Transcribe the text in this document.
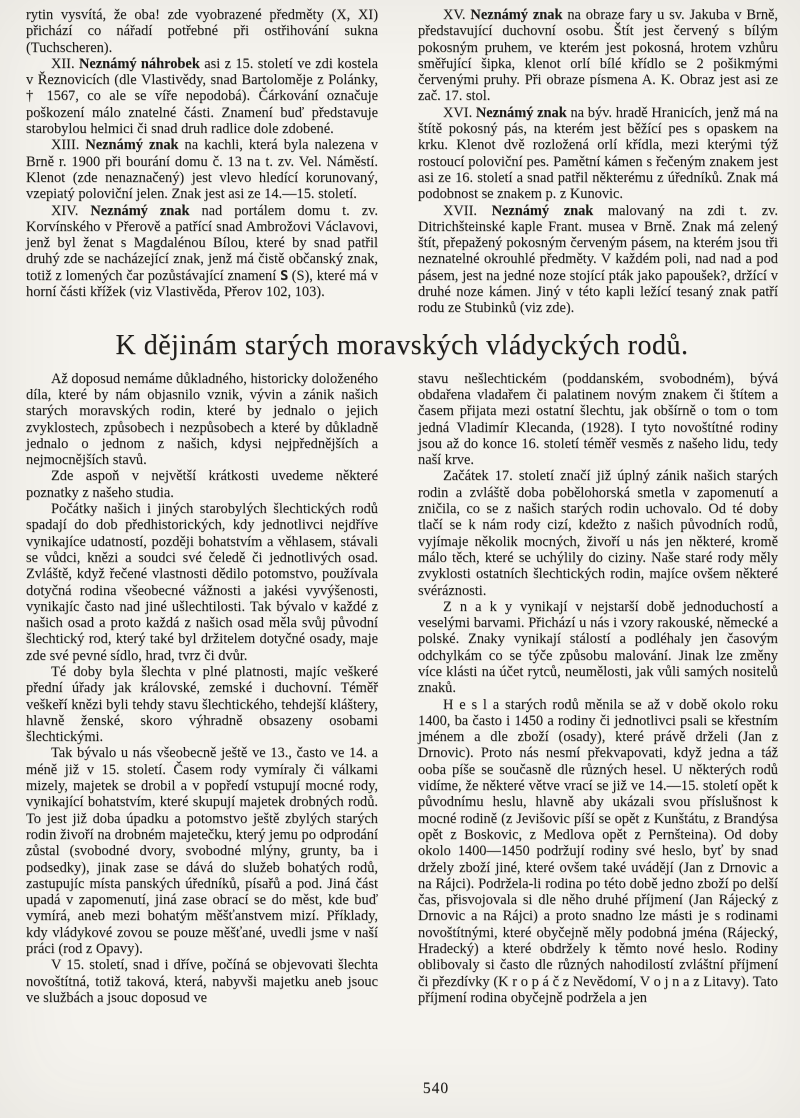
rytin vysvítá, že oba! zde vyobrazené předměty (X, XI) přichází co nářadí potřebné při ostřihování sukna (Tuchscheren).

XII. Neznámý náhrobek asi z 15. století ve zdi kostela v Řeznovicích (dle Vlastivědy, snad Bartoloměje z Polánky, † 1567, co ale se víře nepodobá). Čárkování označuje poškození málo znatelné části. Znamení buď představuje starobylou helmici či snad druh radlice dole zdobené.

XIII. Neznámý znak na kachli, která byla nalezena v Brně r. 1900 při bourání domu č. 13 na t. zv. Vel. Náměstí. Klenot (zde nenaznačený) jest vlevo hledící korunovaný, vzepiatý poloviční jelen. Znak jest asi ze 14.—15. století.

XIV. Neznámý znak nad portálem domu t. zv. Korvínského v Přerově a patřící snad Ambrožovi Václavovi, jenž byl ženat s Magdalénou Bílou, které by snad patřil druhý zde se nacházející znak, jenž má čistě občanský znak, totiž z lomených čar pozůstávající znamení S (S), které má v horní části křížek (viz Vlastivěda, Přerov 102, 103).

XV. Neznámý znak na obraze fary u sv. Jakuba v Brně, představující duchovní osobu. Štít jest červený s bílým pokosným pruhem, ve kterém jest pokosná, hrotem vzhůru směřující šipka, klenot orlí bílé křídlo se 2 pošikmými červenými pruhy. Při obraze písmena A. K. Obraz jest asi ze zač. 17. stol.

XVI. Neznámý znak na býv. hradě Hranicích, jenž má na štítě pokosný pás, na kterém jest běžící pes s opaskem na krku. Klenot dvě rozložená orlí křídla, mezi kterými týž rostoucí poloviční pes. Pamětní kámen s řečeným znakem jest asi ze 16. století a snad patřil některému z úředníků. Znak má podobnost se znakem p. z Kunovic.

XVII. Neznámý znak malovaný na zdi t. zv. Ditrichšteinské kaple Frant. musea v Brně. Znak má zelený štít, přepažený pokosným červeným pásem, na kterém jsou tři neznatelné okrouhlé předměty. V každém poli, nad nad a pod pásem, jest na jedné noze stojící pták jako papoušek?, držící v druhé noze kámen. Jiný v této kapli ležící tesaný znak patří rodu ze Stubinků (viz zde).

K dějinám starých moravských vládyckých rodů.

Až doposud nemáme důkladného, historicky doloženého díla, které by nám objasnilo vznik, vývin a zánik našich starých moravských rodin, které by jednalo o jejich zvyklostech, způsobech i nezpůsobech a které by důkladně jednalo o jednom z našich, kdysi nejpřednějších a nejmocnějších stavů.

Zde aspoň v největší krátkosti uvedeme některé poznatky z našeho studia.

Počátky našich i jiných starobylých šlechtických rodů spadají do dob předhistorických, kdy jednotlivci nejdříve vynikajíce udatností, později bohatstvím a věhlasem, stávali se vůdci, knězi a soudci své čeledě či jednotlivých osad. Zvláště, když řečené vlastnosti dědilo potomstvo, používala dotyčná rodina všeobecné vážnosti a jakési vyvýšenosti, vynikajíc často nad jiné ušlechtilosti. Tak bývalo v každé z našich osad a proto každá z našich osad měla svůj původní šlechtický rod, který také byl držitelem dotyčné osady, maje zde své pevné sídlo, hrad, tvrz či dvůr.

Té doby byla šlechta v plné platnosti, majíc veškeré přední úřady jak královské, zemské i duchovní. Téměř veškeří knězi byli tehdy stavu šlechtického, tehdejší kláštery, hlavně ženské, skoro výhradně obsazeny osobami šlechtickými.

Tak bývalo u nás všeobecně ještě ve 13., často ve 14. a méně již v 15. století. Časem rody vymíraly či válkami mizely, majetek se drobil a v popředí vstupují mocné rody, vynikající bohatstvím, které skupují majetek drobných rodů. To jest již doba úpadku a potomstvo ještě zbylých starých rodin živoří na drobném majetečku, který jemu po odprodání zůstal (svobodné dvory, svobodné mlýny, grunty, ba i podsedky), jinak zase se dává do služeb bohatých rodů, zastupujíc místa panských úředníků, písařů a pod. Jiná část upadá v zapomenutí, jiná zase obrací se do měst, kde buď vymírá, aneb mezi bohatým měšťanstvem mizí. Příklady, kdy vládykové zovou se pouze měšťané, uvedli jsme v naší práci (rod z Opavy).

V 15. století, snad i dříve, počíná se objevovati šlechta novoštítná, totiž taková, která, nabyvši majetku aneb jsouc ve službách a jsouc doposud ve

stavu nešlechtickém (poddanském, svobodném), bývá obdařena vladařem či palatinem novým znakem či štítem a časem přijata mezi ostatní šlechtu, jak obšírně o tom o tom jedná Vladimír Klecanda, (1928). I tyto novoštítné rodiny jsou až do konce 16. století téměř vesměs z našeho lidu, tedy naší krve.

Začátek 17. století značí již úplný zánik našich starých rodin a zvláště doba pobělohorská smetla v zapomenutí a zničila, co se z našich starých rodin uchovalo. Od té doby tlačí se k nám rody cizí, kdežto z našich původních rodů, vyjímaje několik mocných, živoří u nás jen některé, kromě málo těch, které se uchýlily do ciziny. Naše staré rody měly zvyklosti ostatních šlechtických rodin, majíce ovšem některé svéráznosti.

Z n a k y vynikají v nejstarší době jednoduchostí a veselými barvami. Přichází u nás i vzory rakouské, německé a polské. Znaky vynikají stálostí a podléhaly jen časovým odchylkám co se týče způsobu malování. Jinak lze změny více klásti na účet rytců, neumělosti, jak vůli samých nositelů znaků.

H e s l a starých rodů měnila se až v době okolo roku 1400, ba často i 1450 a rodiny či jednotlivci psali se křestním jménem a dle zboží (osady), které právě drželi (Jan z Drnovic). Proto nás nesmí překvapovati, když jedna a táž ooba píše se současně dle různých hesel. U některých rodů vidíme, že některé větve vrací se již ve 14.—15. století opět k původnímu heslu, hlavně aby ukázali svou příslušnost k mocné rodině (z Jevišovic píší se opět z Kunštátu, z Brandýsa opět z Boskovic, z Medlova opět z Pernšteina). Od doby okolo 1400—1450 podržují rodiny své heslo, byť by snad držely zboží jiné, které ovšem také uvádějí (Jan z Drnovic a na Rájci). Podržela-li rodina po této době jedno zboží po delší čas, přisvojovala si dle něho druhé příjmení (Jan Rájecký z Drnovic a na Rájci) a proto snadno lze másti je s rodinami novoštítnými, které obyčejně měly podobná jména (Rájecký, Hradecký) a které obdržely k těmto nové heslo. Rodiny oblibovaly si často dle různých nahodilostí zvláštní příjmení či přezdívky (K r o p á č z Nevědomí, V o j n a z Litavy). Tato příjmení rodina obyčejně podržela a jen

540
